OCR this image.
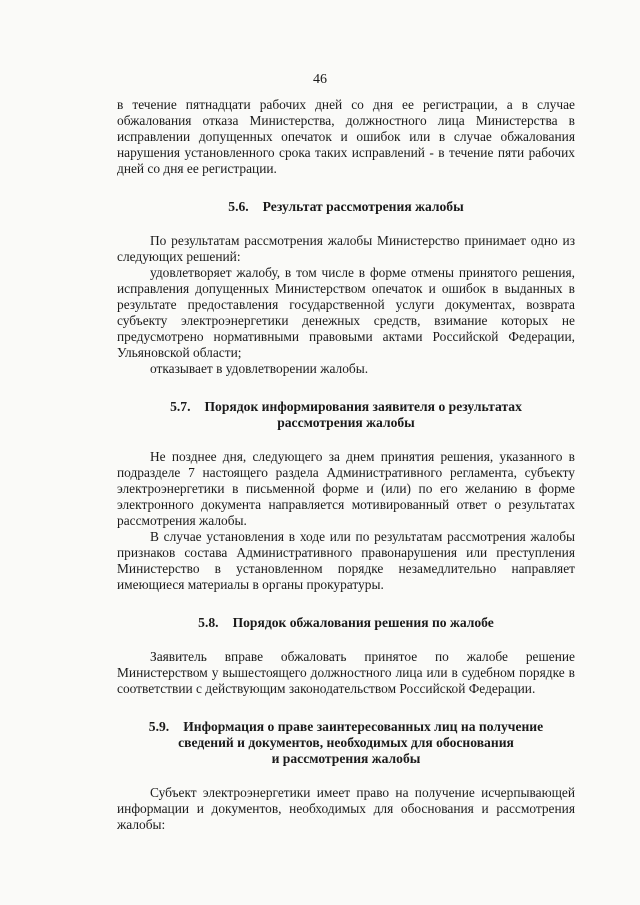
46

в течение пятнадцати рабочих дней со дня ее регистрации, а в случае обжалования отказа Министерства, должностного лица Министерства в исправлении допущенных опечаток и ошибок или в случае обжалования нарушения установленного срока таких исправлений - в течение пяти рабочих дней со дня ее регистрации.

5.6. Результат рассмотрения жалобы

По результатам рассмотрения жалобы Министерство принимает одно из следующих решений:

удовлетворяет жалобу, в том числе в форме отмены принятого решения, исправления допущенных Министерством опечаток и ошибок в выданных в результате предоставления государственной услуги документах, возврата субъекту электроэнергетики денежных средств, взимание которых не предусмотрено нормативными правовыми актами Российской Федерации, Ульяновской области;

отказывает в удовлетворении жалобы.

5.7. Порядок информирования заявителя о результатах
рассмотрения жалобы

Не позднее дня, следующего за днем принятия решения, указанного в подразделе 7 настоящего раздела Административного регламента, субъекту электроэнергетики в письменной форме и (или) по его желанию в форме электронного документа направляется мотивированный ответ о результатах рассмотрения жалобы.

В случае установления в ходе или по результатам рассмотрения жалобы признаков состава Административного правонарушения или преступления Министерство в установленном порядке незамедлительно направляет имеющиеся материалы в органы прокуратуры.

5.8. Порядок обжалования решения по жалобе

Заявитель вправе обжаловать принятое по жалобе решение Министерством у вышестоящего должностного лица или в судебном порядке в соответствии с действующим законодательством Российской Федерации.

5.9. Информация о праве заинтересованных лиц на получение
сведений и документов, необходимых для обоснования
и рассмотрения жалобы

Субъект электроэнергетики имеет право на получение исчерпывающей информации и документов, необходимых для обоснования и рассмотрения жалобы:
